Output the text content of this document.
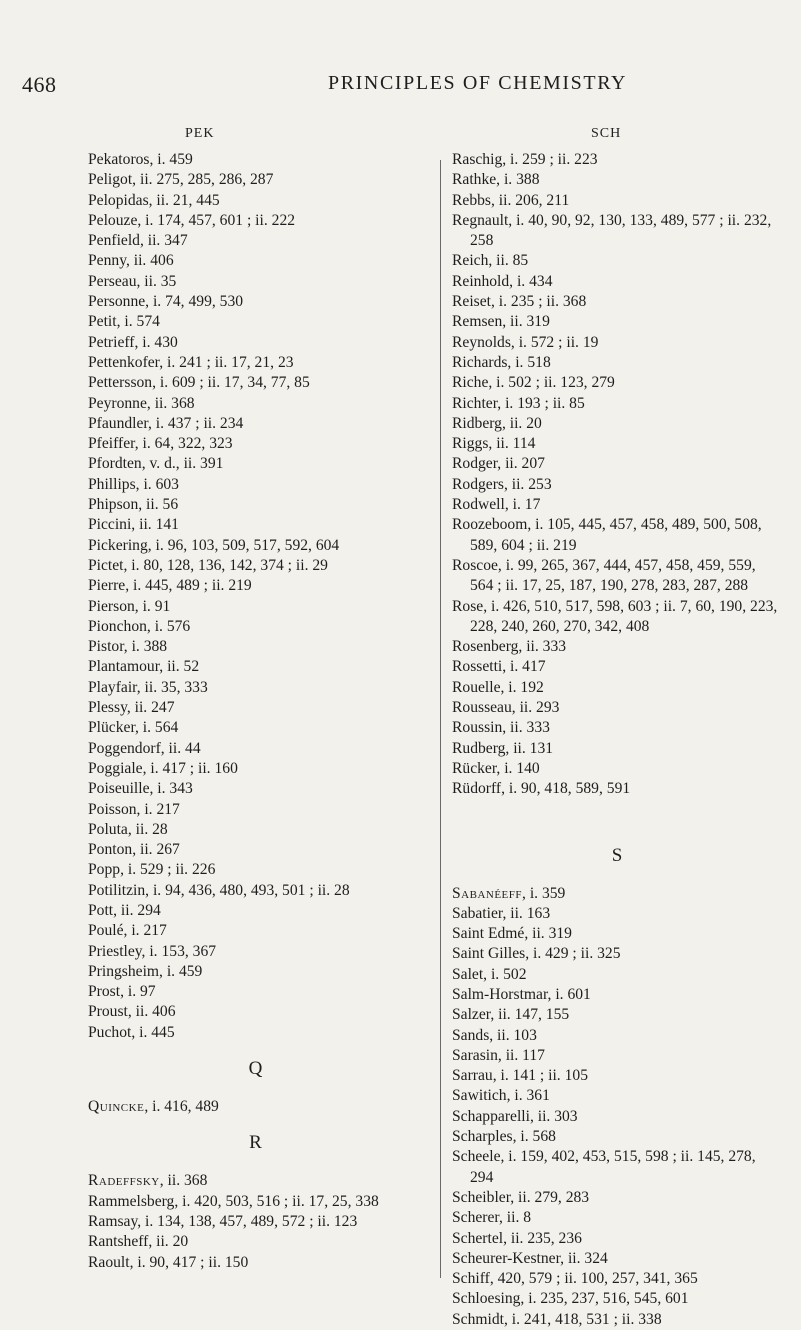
468	PRINCIPLES OF CHEMISTRY
PEK	SCH
Pekatoros, i. 459
Peligot, ii. 275, 285, 286, 287
Pelopidas, ii. 21, 445
Pelouze, i. 174, 457, 601 ; ii. 222
Penfield, ii. 347
Penny, ii. 406
Perseau, ii. 35
Personne, i. 74, 499, 530
Petit, i. 574
Petrieff, i. 430
Pettenkofer, i. 241 ; ii. 17, 21, 23
Pettersson, i. 609 ; ii. 17, 34, 77, 85
Peyronne, ii. 368
Pfaundler, i. 437 ; ii. 234
Pfeiffer, i. 64, 322, 323
Pfordten, v. d., ii. 391
Phillips, i. 603
Phipson, ii. 56
Piccini, ii. 141
Pickering, i. 96, 103, 509, 517, 592, 604
Pictet, i. 80, 128, 136, 142, 374 ; ii. 29
Pierre, i. 445, 489 ; ii. 219
Pierson, i. 91
Pionchon, i. 576
Pistor, i. 388
Plantamour, ii. 52
Playfair, ii. 35, 333
Plessy, ii. 247
Plücker, i. 564
Poggendorf, ii. 44
Poggiale, i. 417 ; ii. 160
Poiseuille, i. 343
Poisson, i. 217
Poluta, ii. 28
Ponton, ii. 267
Popp, i. 529 ; ii. 226
Potilitzin, i. 94, 436, 480, 493, 501 ; ii. 28
Pott, ii. 294
Poulé, i. 217
Priestley, i. 153, 367
Pringsheim, i. 459
Prost, i. 97
Proust, ii. 406
Puchot, i. 445
Q
Quincke, i. 416, 489
R
Radeffsky, ii. 368
Rammelsberg, i. 420, 503, 516 ; ii. 17, 25, 338
Ramsay, i. 134, 138, 457, 489, 572 ; ii. 123
Rantsheff, ii. 20
Raoult, i. 90, 417 ; ii. 150
Raschig, i. 259 ; ii. 223
Rathke, i. 388
Rebbs, ii. 206, 211
Regnault, i. 40, 90, 92, 130, 133, 489, 577 ; ii. 232, 258
Reich, ii. 85
Reinhold, i. 434
Reiset, i. 235 ; ii. 368
Remsen, ii. 319
Reynolds, i. 572 ; ii. 19
Richards, i. 518
Riche, i. 502 ; ii. 123, 279
Richter, i. 193 ; ii. 85
Ridberg, ii. 20
Riggs, ii. 114
Rodger, ii. 207
Rodgers, ii. 253
Rodwell, i. 17
Roozeboom, i. 105, 445, 457, 458, 489, 500, 508, 589, 604 ; ii. 219
Roscoe, i. 99, 265, 367, 444, 457, 458, 459, 559, 564 ; ii. 17, 25, 187, 190, 278, 283, 287, 288
Rose, i. 426, 510, 517, 598, 603 ; ii. 7, 60, 190, 223, 228, 240, 260, 270, 342, 408
Rosenberg, ii. 333
Rossetti, i. 417
Rouelle, i. 192
Rousseau, ii. 293
Roussin, ii. 333
Rudberg, ii. 131
Rücker, i. 140
Rüdorff, i. 90, 418, 589, 591
S
Sabanéeff, i. 359
Sabatier, ii. 163
Saint Edmé, ii. 319
Saint Gilles, i. 429 ; ii. 325
Salet, i. 502
Salm-Horstmar, i. 601
Salzer, ii. 147, 155
Sands, ii. 103
Sarasin, ii. 117
Sarrau, i. 141 ; ii. 105
Sawitich, i. 361
Schapparelli, ii. 303
Scharples, i. 568
Scheele, i. 159, 402, 453, 515, 598 ; ii. 145, 278, 294
Scheibler, ii. 279, 283
Scherer, ii. 8
Schertel, ii. 235, 236
Scheurer-Kestner, ii. 324
Schiff, 420, 579 ; ii. 100, 257, 341, 365
Schloesing, i. 235, 237, 516, 545, 601
Schmidt, i. 241, 418, 531 ; ii. 338
